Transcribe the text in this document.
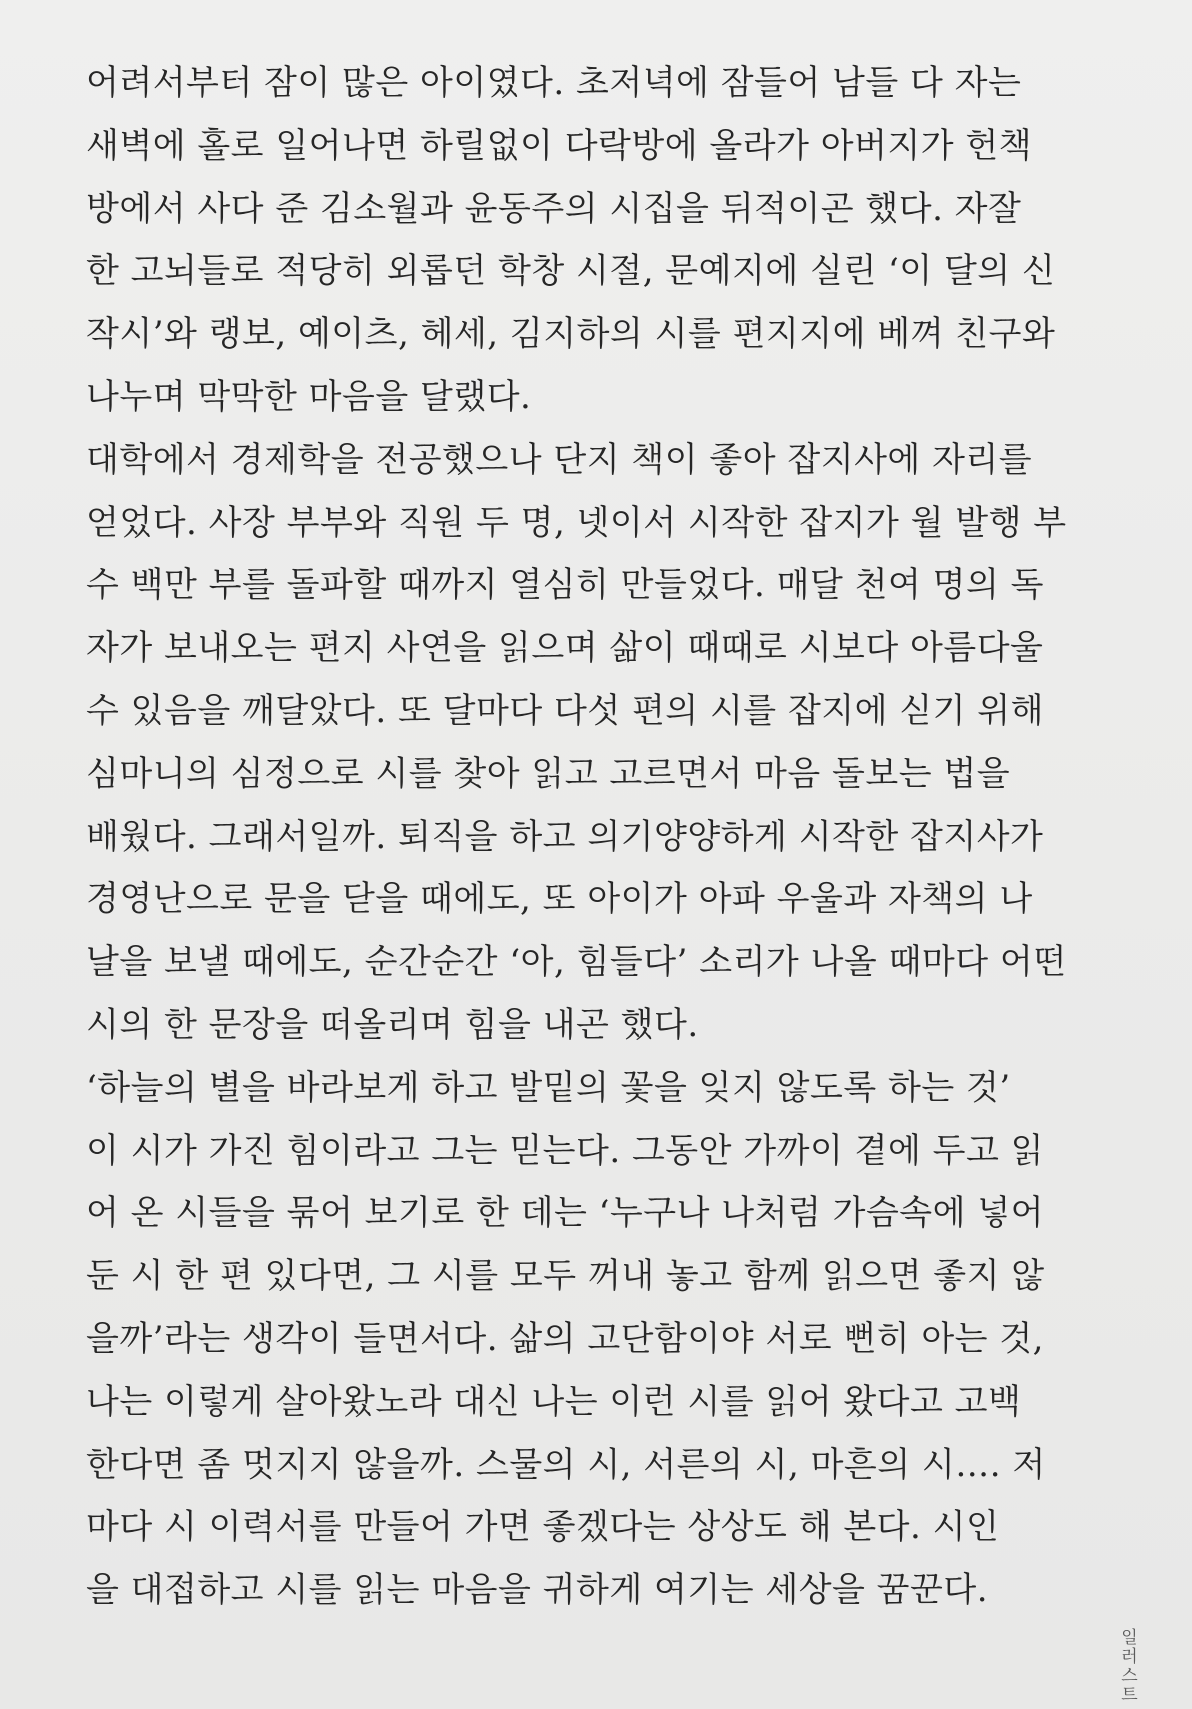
어려서부터 잠이 많은 아이였다. 초저녁에 잠들어 남들 다 자는
새벽에 홀로 일어나면 하릴없이 다락방에 올라가 아버지가 헌책
방에서 사다 준 김소월과 윤동주의 시집을 뒤적이곤 했다. 자잘
한 고뇌들로 적당히 외롭던 학창 시절, 문예지에 실린 ‘이 달의 신
작시’와 랭보, 예이츠, 헤세, 김지하의 시를 편지지에 베껴 친구와
나누며 막막한 마음을 달랬다.

대학에서 경제학을 전공했으나 단지 책이 좋아 잡지사에 자리를
얻었다. 사장 부부와 직원 두 명, 넷이서 시작한 잡지가 월 발행 부
수 백만 부를 돌파할 때까지 열심히 만들었다. 매달 천여 명의 독
자가 보내오는 편지 사연을 읽으며 삶이 때때로 시보다 아름다울
수 있음을 깨달았다. 또 달마다 다섯 편의 시를 잡지에 싣기 위해
심마니의 심정으로 시를 찾아 읽고 고르면서 마음 돌보는 법을
배웠다. 그래서일까. 퇴직을 하고 의기양양하게 시작한 잡지사가
경영난으로 문을 닫을 때에도, 또 아이가 아파 우울과 자책의 나
날을 보낼 때에도, 순간순간 ‘아, 힘들다’ 소리가 나올 때마다 어떤
시의 한 문장을 떠올리며 힘을 내곤 했다.

‘하늘의 별을 바라보게 하고 발밑의 꽃을 잊지 않도록 하는 것’
이 시가 가진 힘이라고 그는 믿는다. 그동안 가까이 곁에 두고 읽
어 온 시들을 묶어 보기로 한 데는 ‘누구나 나처럼 가슴속에 넣어
둔 시 한 편 있다면, 그 시를 모두 꺼내 놓고 함께 읽으면 좋지 않
을까’라는 생각이 들면서다. 삶의 고단함이야 서로 뻔히 아는 것,
나는 이렇게 살아왔노라 대신 나는 이런 시를 읽어 왔다고 고백
한다면 좀 멋지지 않을까. 스물의 시, 서른의 시, 마흔의 시…. 저
마다 시 이력서를 만들어 가면 좋겠다는 상상도 해 본다. 시인
을 대접하고 시를 읽는 마음을 귀하게 여기는 세상을 꿈꾼다.

일러스트
